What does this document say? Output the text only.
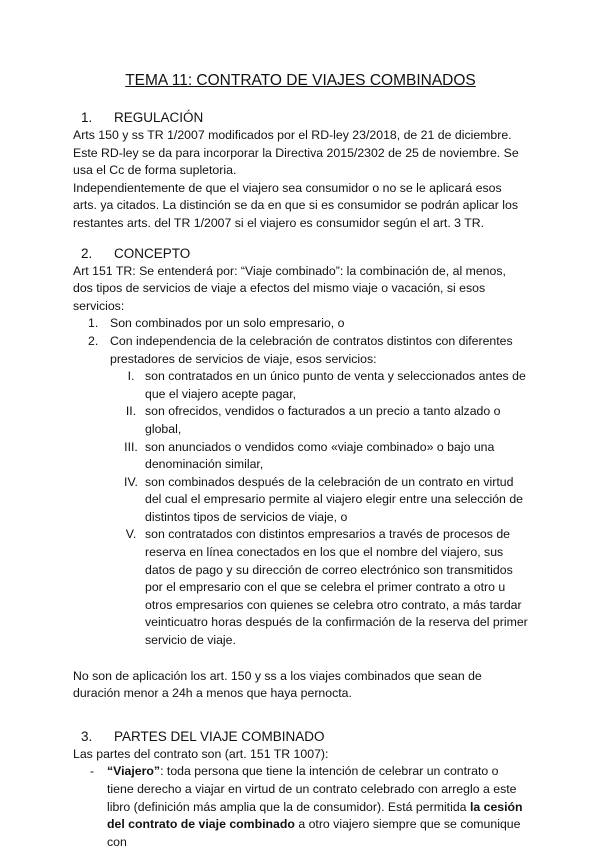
TEMA 11: CONTRATO DE VIAJES COMBINADOS
1.	REGULACIÓN

Arts 150 y ss TR 1/2007 modificados por el RD-ley 23/2018, de 21 de diciembre. Este RD-ley se da para incorporar la Directiva 2015/2302 de 25 de noviembre. Se usa el Cc de forma supletoria.

Independientemente de que el viajero sea consumidor o no se le aplicará esos arts. ya citados. La distinción se da en que si es consumidor se podrán aplicar los restantes arts. del TR 1/2007 si el viajero es consumidor según el art. 3 TR.

2.	CONCEPTO

Art 151 TR: Se entenderá por: “Viaje combinado”: la combinación de, al menos, dos tipos de servicios de viaje a efectos del mismo viaje o vacación, si esos servicios:

1. Son combinados por un solo empresario, o
2. Con independencia de la celebración de contratos distintos con diferentes prestadores de servicios de viaje, esos servicios:
I. son contratados en un único punto de venta y seleccionados antes de que el viajero acepte pagar,
II. son ofrecidos, vendidos o facturados a un precio a tanto alzado o global,
III. son anunciados o vendidos como «viaje combinado» o bajo una denominación similar,
IV. son combinados después de la celebración de un contrato en virtud del cual el empresario permite al viajero elegir entre una selección de distintos tipos de servicios de viaje, o
V. son contratados con distintos empresarios a través de procesos de reserva en línea conectados en los que el nombre del viajero, sus datos de pago y su dirección de correo electrónico son transmitidos por el empresario con el que se celebra el primer contrato a otro u otros empresarios con quienes se celebra otro contrato, a más tardar veinticuatro horas después de la confirmación de la reserva del primer servicio de viaje.

No son de aplicación los art. 150 y ss a los viajes combinados que sean de duración menor a 24h a menos que haya pernocta.

3.	PARTES DEL VIAJE COMBINADO

Las partes del contrato son (art. 151 TR 1007):

-	“Viajero”: toda persona que tiene la intención de celebrar un contrato o tiene derecho a viajar en virtud de un contrato celebrado con arreglo a este libro (definición más amplia que la de consumidor). Está permitida la cesión del contrato de viaje combinado a otro viajero siempre que se comunique con
